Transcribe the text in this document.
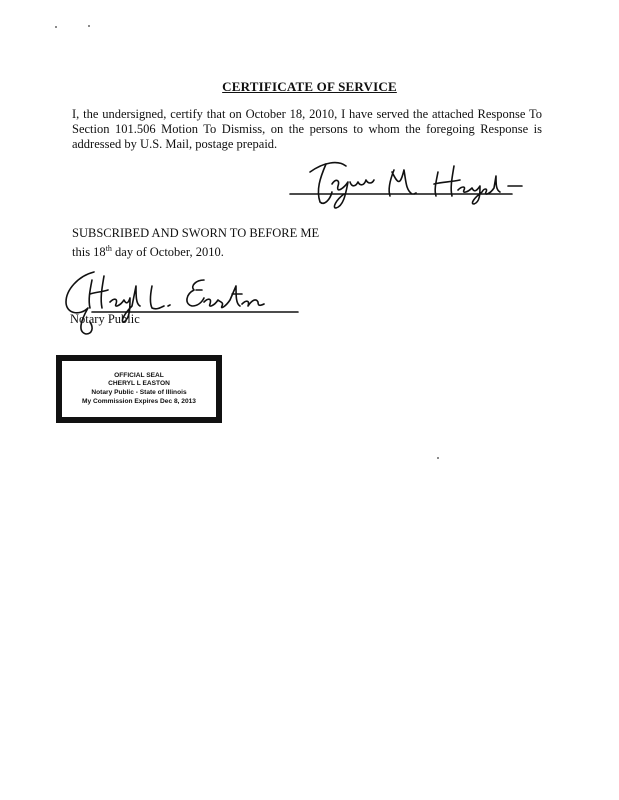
CERTIFICATE OF SERVICE
I, the undersigned, certify that on October 18, 2010, I have served the attached Response To Section 101.506 Motion To Dismiss, on the persons to whom the foregoing Response is addressed by U.S. Mail, postage prepaid.
SUBSCRIBED AND SWORN TO BEFORE ME
this 18th day of October, 2010.
Notary Public
OFFICIAL SEAL
CHERYL L EASTON
Notary Public - State of Illinois
My Commission Expires Dec 8, 2013
